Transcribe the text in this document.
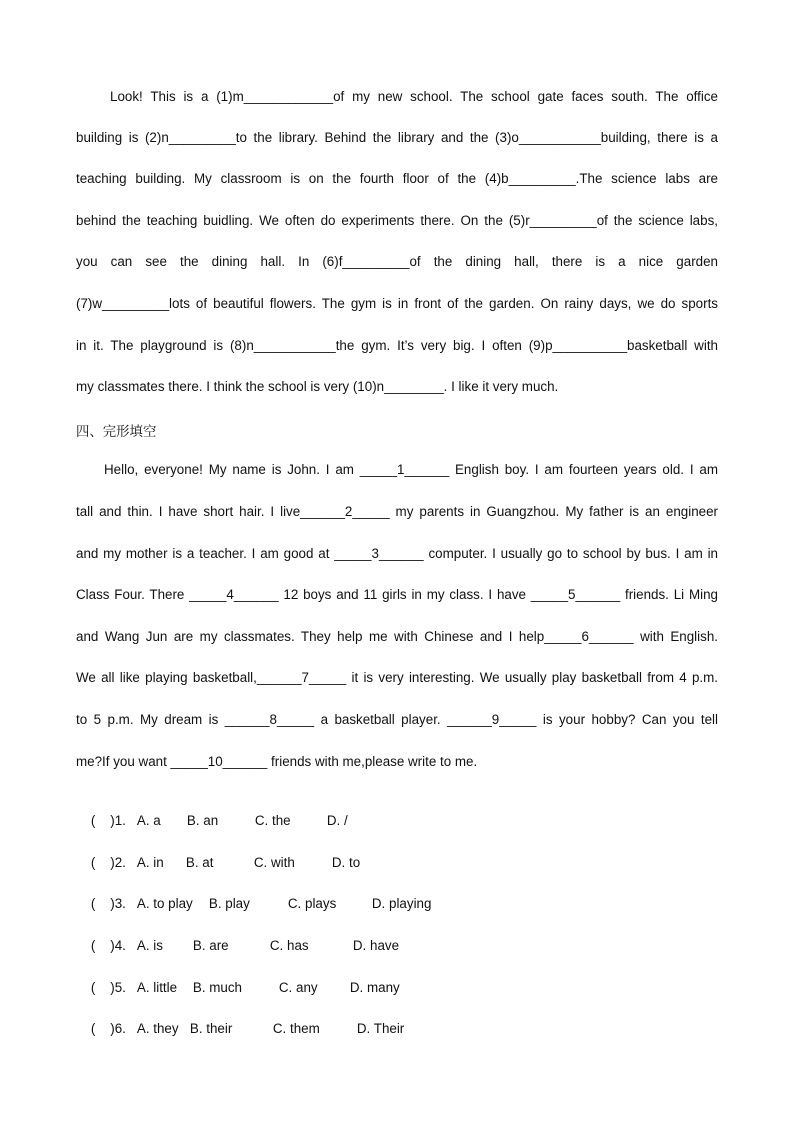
Look! This is a (1)m____________of my new school. The school gate faces south. The office
building is (2)n_________to the library. Behind the library and the (3)o___________building, there is a
teaching building. My classroom is on the fourth floor of the (4)b_________.The science labs are
behind the teaching buidling. We often do experiments there. On the (5)r_________of the science labs,
you can see the dining hall. In (6)f_________of the dining hall, there is a nice garden
(7)w_________lots of beautiful flowers. The gym is in front of the garden. On rainy days, we do sports
in it. The playground is (8)n___________the gym. It’s very big. I often (9)p__________basketball with
my classmates there. I think the school is very (10)n________. I like it very much.
四、完形填空
Hello, everyone! My name is John. I am _____1______ English boy. I am fourteen years old. I am
tall and thin. I have short hair. I live______2_____ my parents in Guangzhou. My father is an engineer
and my mother is a teacher. I am good at _____3______ computer. I usually go to school by bus. I am in
Class Four. There _____4______ 12 boys and 11 girls in my class. I have _____5______ friends. Li Ming
and Wang Jun are my classmates. They help me with Chinese and I help_____6______ with English.
We all like playing basketball,______7_____ it is very interesting. We usually play basketball from 4 p.m.
to 5 p.m. My dream is ______8_____ a basketball player. ______9_____ is your hobby? Can you tell
me?If you want _____10______ friends with me,please write to me.

(    )1. A. a B. an	C. the	D. /

(    )2. A. in B. at	C. with	D. to

(    )3. A. to play B. play	C. plays	D. playing

(    )4. A. is B. are	C. has	D. have

(    )5. A. little B. much	C. any D. many

(    )6. A. they B. their	C. them	D. Their
